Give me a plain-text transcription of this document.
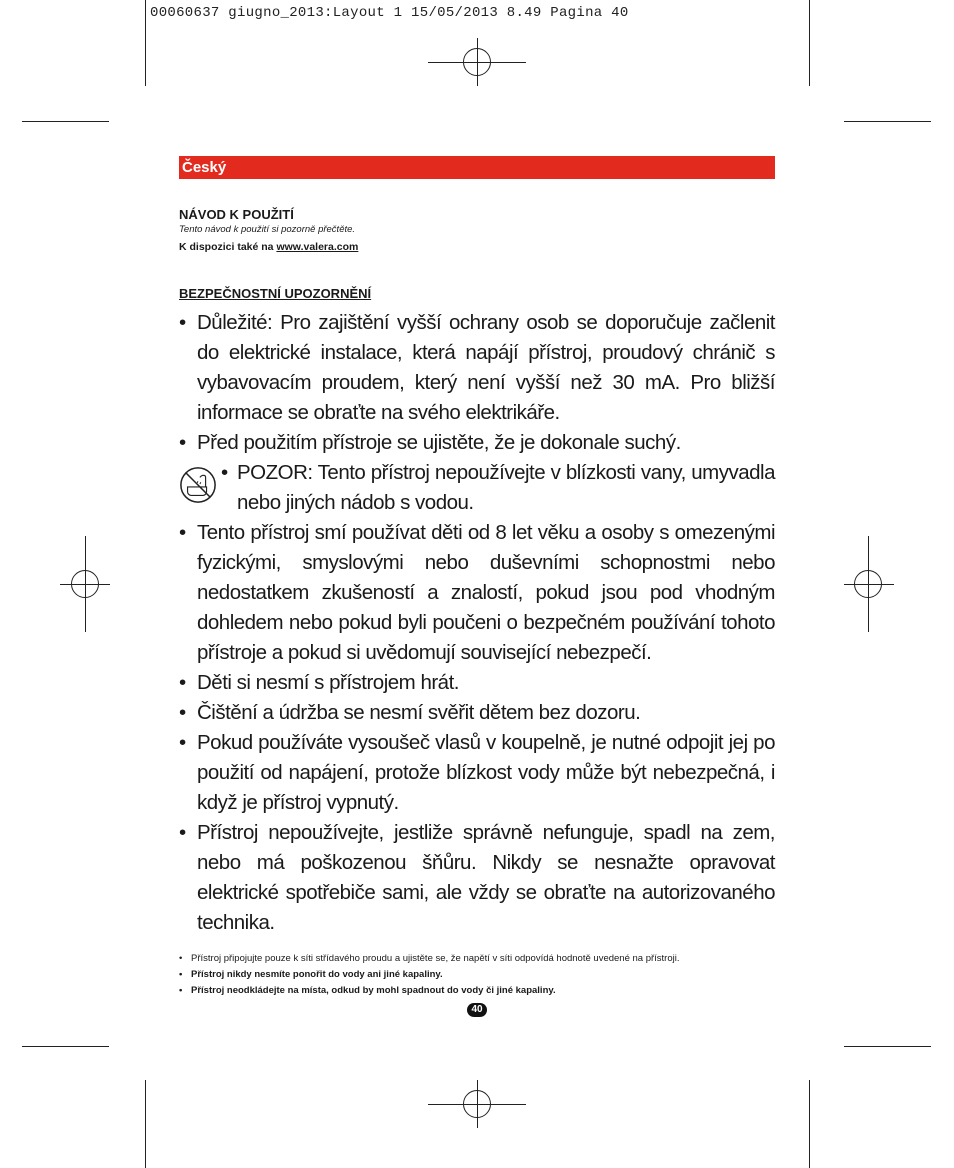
00060637 giugno_2013:Layout 1 15/05/2013 8.49 Pagina 40
Český
NÁVOD K POUŽITÍ
Tento návod k použití si pozorně přečtěte.
K dispozici také na www.valera.com
BEZPEČNOSTNÍ UPOZORNĚNÍ
• Důležité: Pro zajištění vyšší ochrany osob se doporučuje začlenit do elektrické instalace, která napájí přístroj, proudový chránič s vybavovacím proudem, který není vyšší než 30 mA. Pro bližší informace se obraťte na svého elektrikáře.
• Před použitím přístroje se ujistěte, že je dokonale suchý.
• POZOR: Tento přístroj nepoužívejte v blízkosti vany, umyvadla nebo jiných nádob s vodou.
• Tento přístroj smí používat děti od 8 let věku a osoby s omezenými fyzickými, smyslovými nebo duševními schopnostmi nebo nedostatkem zkušeností a znalostí, pokud jsou pod vhodným dohledem nebo pokud byli poučeni o bezpečném používání tohoto přístroje a pokud si uvědomují související nebezpečí.
• Děti si nesmí s přístrojem hrát.
• Čištění a údržba se nesmí svěřit dětem bez dozoru.
• Pokud používáte vysoušeč vlasů v koupelně, je nutné odpojit jej po použití od napájení, protože blízkost vody může být nebezpečná, i když je přístroj vypnutý.
• Přístroj nepoužívejte, jestliže správně nefunguje, spadl na zem, nebo má poškozenou šňůru. Nikdy se nesnažte opravovat elektrické spotřebiče sami, ale vždy se obraťte na autorizovaného technika.
• Přístroj připojujte pouze k síti střídavého proudu a ujistěte se, že napětí v síti odpovídá hodnotě uvedené na přístroji.
• Přístroj nikdy nesmíte ponořit do vody ani jiné kapaliny.
• Přístroj neodkládejte na místa, odkud by mohl spadnout do vody či jiné kapaliny.
40
